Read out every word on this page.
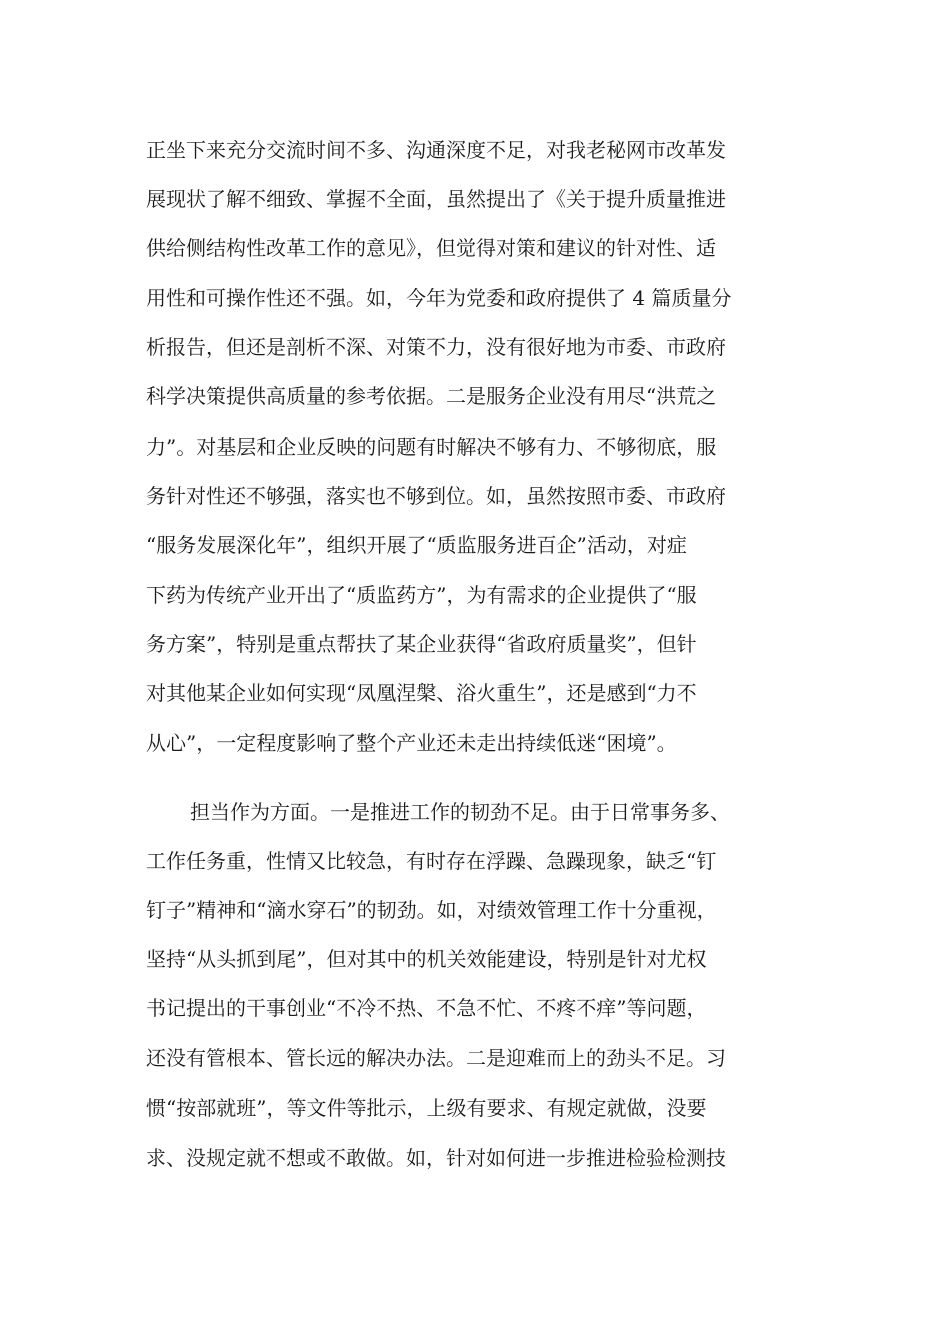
正坐下来充分交流时间不多、沟通深度不足，对我老秘网市改革发
展现状了解不细致、掌握不全面，虽然提出了《关于提升质量推进
供给侧结构性改革工作的意见》，但觉得对策和建议的针对性、适
用性和可操作性还不强。如，今年为党委和政府提供了 4 篇质量分
析报告，但还是剖析不深、对策不力，没有很好地为市委、市政府
科学决策提供高质量的参考依据。二是服务企业没有用尽“洪荒之
力”。对基层和企业反映的问题有时解决不够有力、不够彻底，服
务针对性还不够强，落实也不够到位。如，虽然按照市委、市政府
“服务发展深化年”，组织开展了“质监服务进百企”活动，对症
下药为传统产业开出了“质监药方”，为有需求的企业提供了“服
务方案”，特别是重点帮扶了某企业获得“省政府质量奖”，但针
对其他某企业如何实现“凤凰涅槃、浴火重生”，还是感到“力不
从心”，一定程度影响了整个产业还未走出持续低迷“困境”。
担当作为方面。一是推进工作的韧劲不足。由于日常事务多、
工作任务重，性情又比较急，有时存在浮躁、急躁现象，缺乏“钉
钉子”精神和“滴水穿石”的韧劲。如，对绩效管理工作十分重视，
坚持“从头抓到尾”，但对其中的机关效能建设，特别是针对尤权
书记提出的干事创业“不冷不热、不急不忙、不疼不痒”等问题，
还没有管根本、管长远的解决办法。二是迎难而上的劲头不足。习
惯“按部就班”，等文件等批示，上级有要求、有规定就做，没要
求、没规定就不想或不敢做。如，针对如何进一步推进检验检测技
